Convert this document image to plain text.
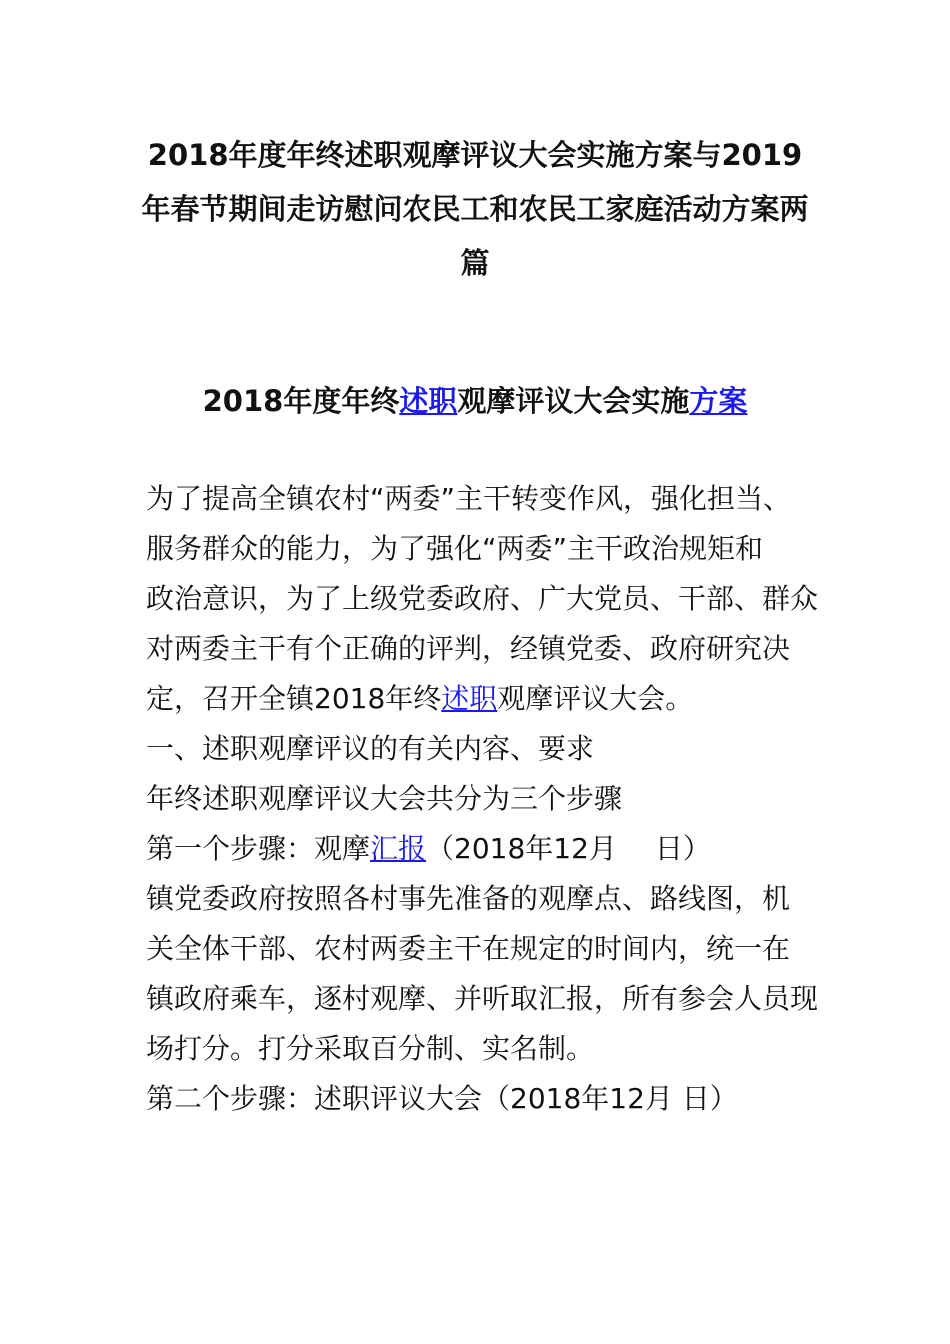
2018年度年终述职观摩评议大会实施方案与2019
年春节期间走访慰问农民工和农民工家庭活动方案两
篇
2018年度年终述职观摩评议大会实施方案
为了提高全镇农村“两委”主干转变作风，强化担当、
服务群众的能力，为了强化“两委”主干政治规矩和
政治意识，为了上级党委政府、广大党员、干部、群众
对两委主干有个正确的评判，经镇党委、政府研究决
定，召开全镇2018年终述职观摩评议大会。
一、述职观摩评议的有关内容、要求
年终述职观摩评议大会共分为三个步骤
第一个步骤：观摩汇报（2018年12月 日）
镇党委政府按照各村事先准备的观摩点、路线图，机
关全体干部、农村两委主干在规定的时间内，统一在
镇政府乘车，逐村观摩、并听取汇报，所有参会人员现
场打分。打分采取百分制、实名制。
第二个步骤：述职评议大会（2018年12月 日）
